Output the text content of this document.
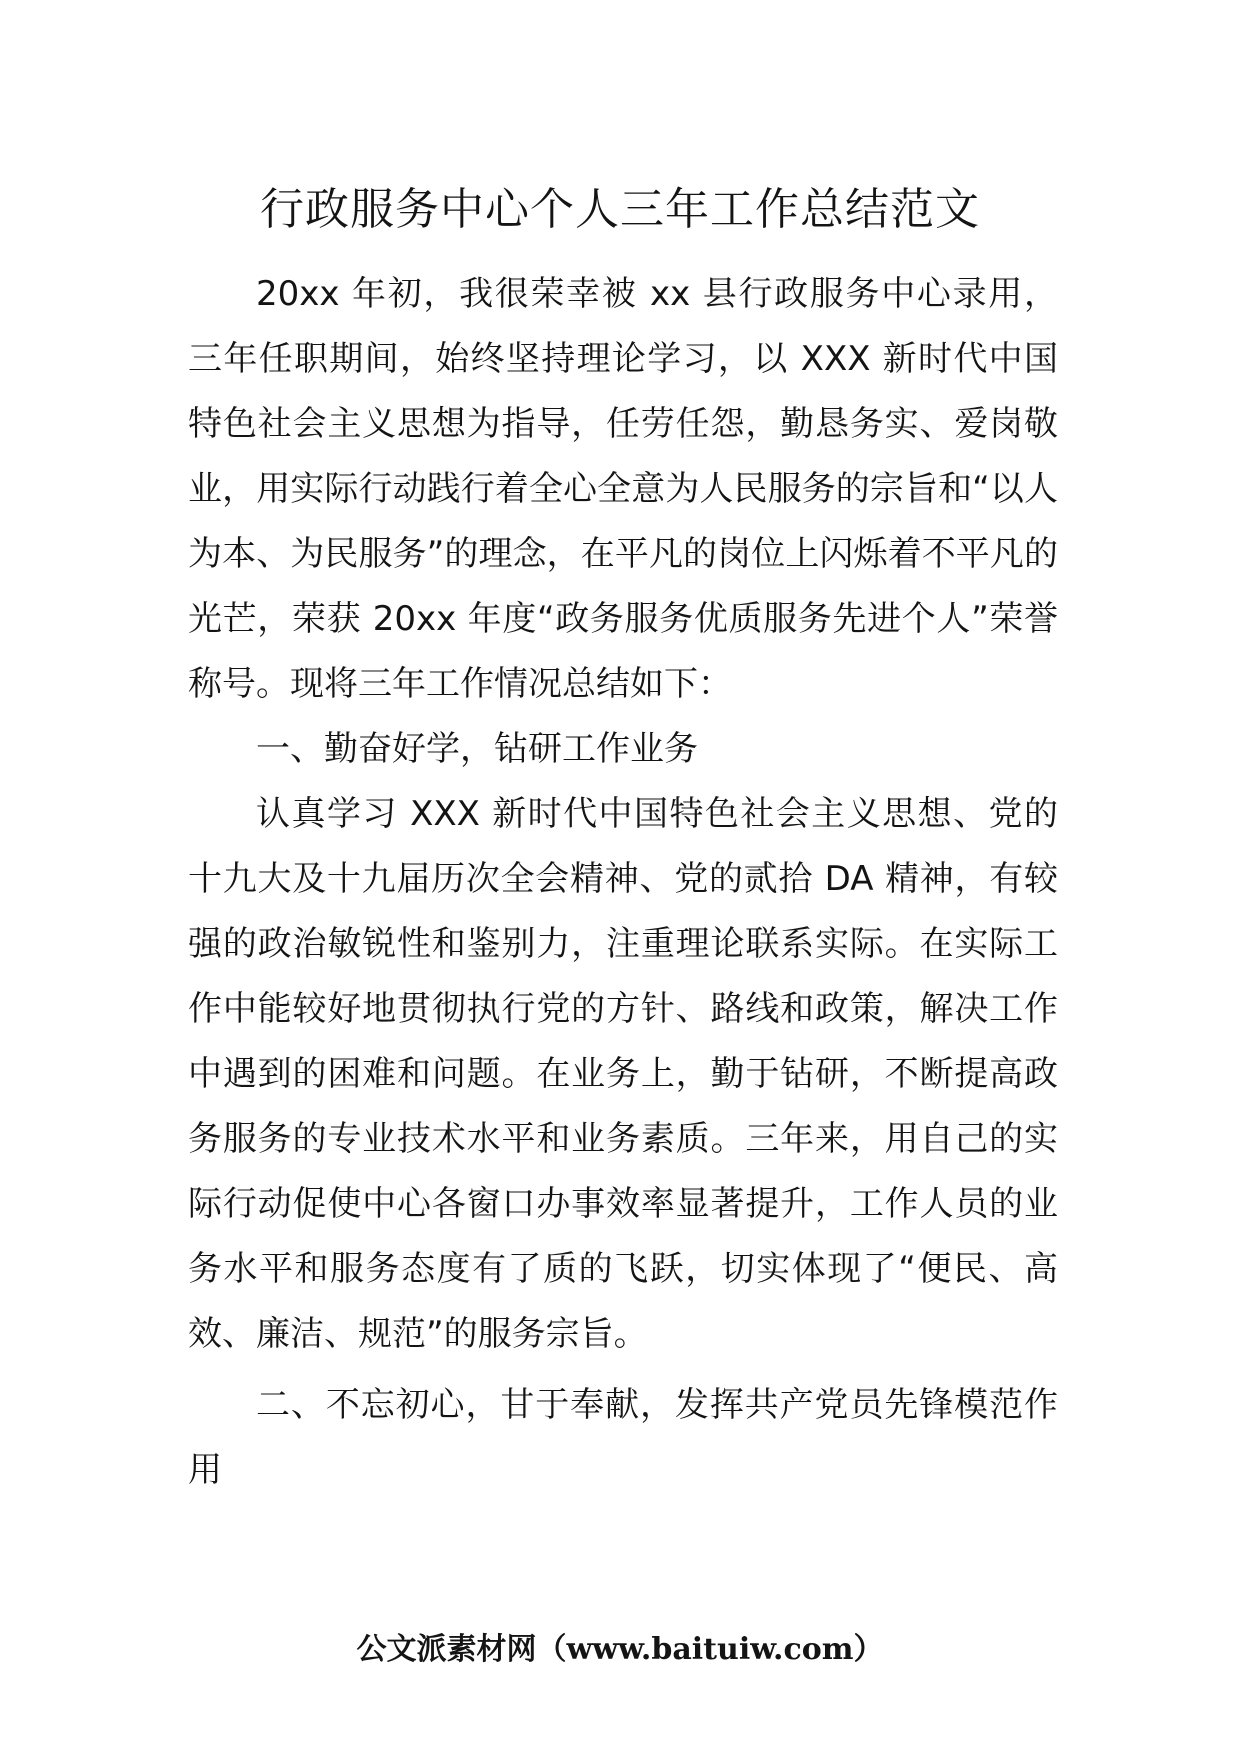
行政服务中心个人三年工作总结范文

20xx 年初，我很荣幸被 xx 县行政服务中心录用，三年任职期间，始终坚持理论学习，以 XXX 新时代中国特色社会主义思想为指导，任劳任怨，勤恳务实、爱岗敬业，用实际行动践行着全心全意为人民服务的宗旨和“以人为本、为民服务”的理念，在平凡的岗位上闪烁着不平凡的光芒，荣获 20xx 年度“政务服务优质服务先进个人”荣誉称号。现将三年工作情况总结如下：

一、勤奋好学，钻研工作业务

认真学习 XXX 新时代中国特色社会主义思想、党的十九大及十九届历次全会精神、党的贰拾 DA 精神，有较强的政治敏锐性和鉴别力，注重理论联系实际。在实际工作中能较好地贯彻执行党的方针、路线和政策，解决工作中遇到的困难和问题。在业务上，勤于钻研，不断提高政务服务的专业技术水平和业务素质。三年来，用自己的实际行动促使中心各窗口办事效率显著提升，工作人员的业务水平和服务态度有了质的飞跃，切实体现了“便民、高效、廉洁、规范”的服务宗旨。

二、不忘初心，甘于奉献，发挥共产党员先锋模范作用

公文派素材网（www.baituiw.com）
